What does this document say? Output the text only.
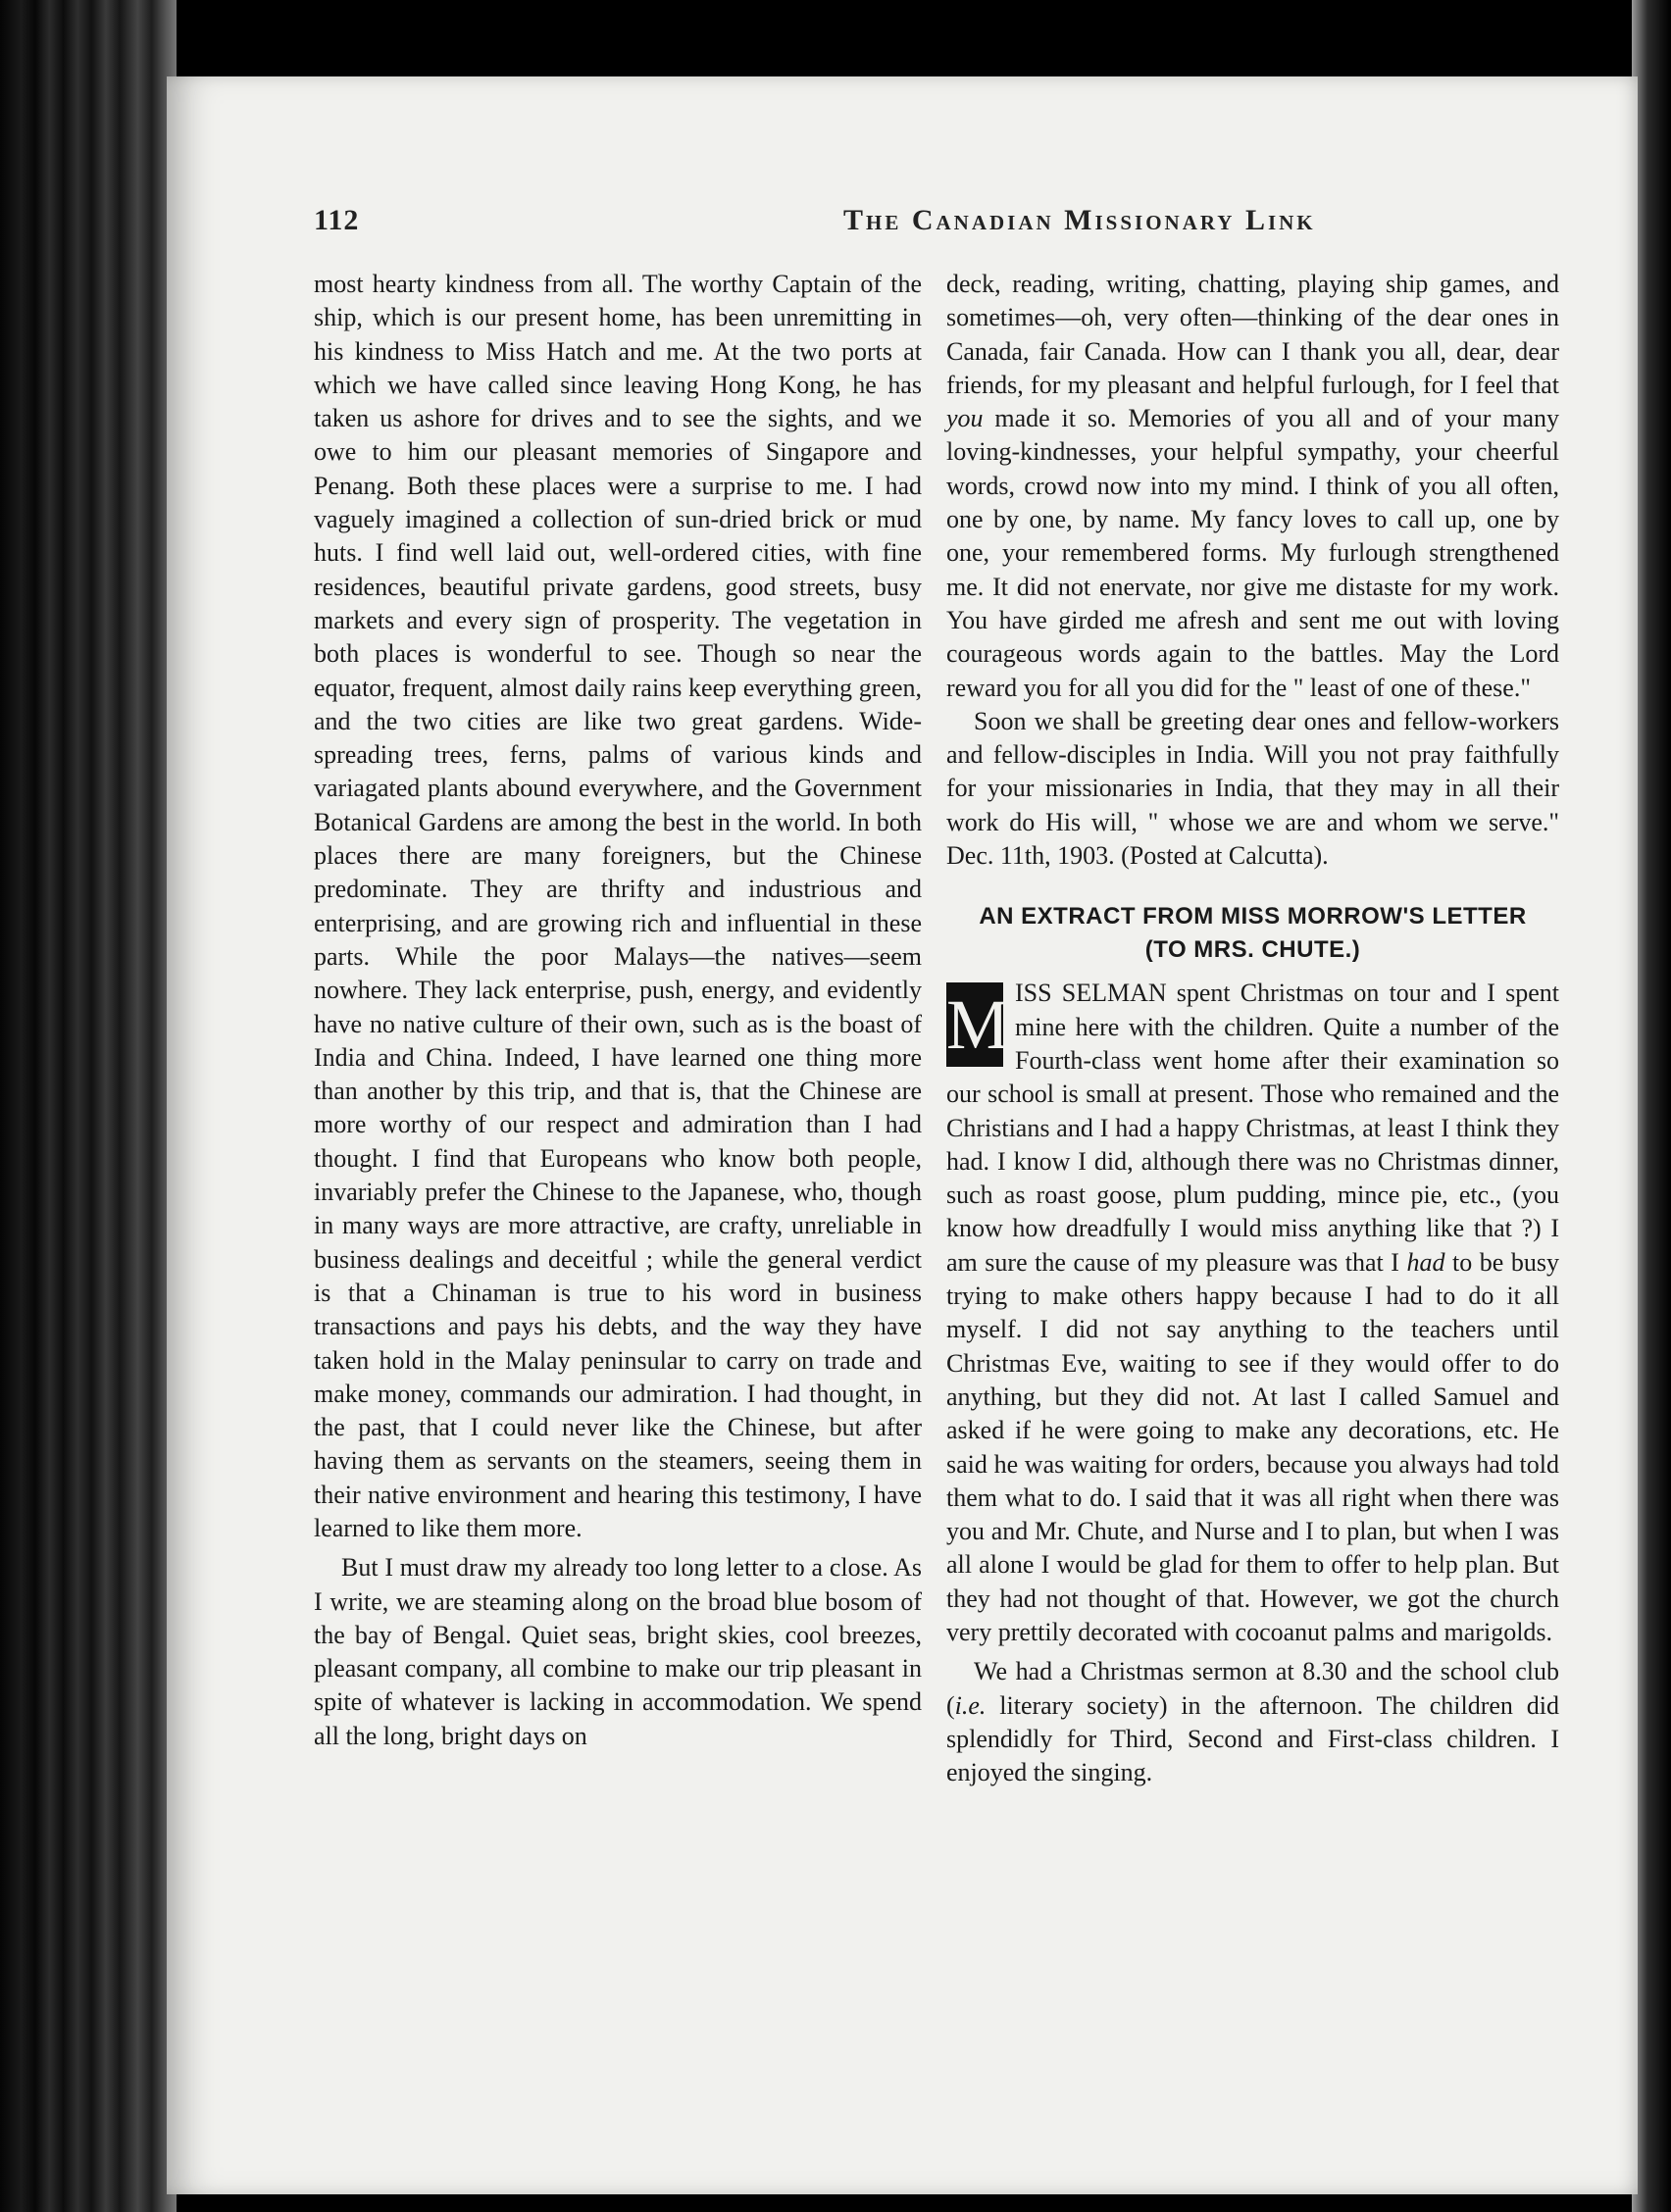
112	The Canadian Missionary Link

most hearty kindness from all. The worthy Captain of the ship, which is our present home, has been unremitting in his kindness to Miss Hatch and me. At the two ports at which we have called since leaving Hong Kong, he has taken us ashore for drives and to see the sights, and we owe to him our pleasant memories of Singapore and Penang. Both these places were a surprise to me. I had vaguely imagined a collection of sun-dried brick or mud huts. I find well laid out, well-ordered cities, with fine residences, beautiful private gardens, good streets, busy markets and every sign of prosperity. The vegetation in both places is wonderful to see. Though so near the equator, frequent, almost daily rains keep everything green, and the two cities are like two great gardens. Wide-spreading trees, ferns, palms of various kinds and variagated plants abound everywhere, and the Government Botanical Gardens are among the best in the world. In both places there are many foreigners, but the Chinese predominate. They are thrifty and industrious and enterprising, and are growing rich and influential in these parts. While the poor Malays—the natives—seem nowhere. They lack enterprise, push, energy, and evidently have no native culture of their own, such as is the boast of India and China. Indeed, I have learned one thing more than another by this trip, and that is, that the Chinese are more worthy of our respect and admiration than I had thought. I find that Europeans who know both people, invariably prefer the Chinese to the Japanese, who, though in many ways are more attractive, are crafty, unreliable in business dealings and deceitful ; while the general verdict is that a Chinaman is true to his word in business transactions and pays his debts, and the way they have taken hold in the Malay peninsular to carry on trade and make money, commands our admiration. I had thought, in the past, that I could never like the Chinese, but after having them as servants on the steamers, seeing them in their native environment and hearing this testimony, I have learned to like them more.

But I must draw my already too long letter to a close. As I write, we are steaming along on the broad blue bosom of the bay of Bengal. Quiet seas, bright skies, cool breezes, pleasant company, all combine to make our trip pleasant in spite of whatever is lacking in accommodation. We spend all the long, bright days on

deck, reading, writing, chatting, playing ship games, and sometimes—oh, very often—thinking of the dear ones in Canada, fair Canada. How can I thank you all, dear, dear friends, for my pleasant and helpful furlough, for I feel that you made it so. Memories of you all and of your many loving-kindnesses, your helpful sympathy, your cheerful words, crowd now into my mind. I think of you all often, one by one, by name. My fancy loves to call up, one by one, your remembered forms. My furlough strengthened me. It did not enervate, nor give me distaste for my work. You have girded me afresh and sent me out with loving courageous words again to the battles. May the Lord reward you for all you did for the " least of one of these."

Soon we shall be greeting dear ones and fellow-workers and fellow-disciples in India. Will you not pray faithfully for your missionaries in India, that they may in all their work do His will, " whose we are and whom we serve." Dec. 11th, 1903. (Posted at Calcutta).

AN EXTRACT FROM MISS MORROW'S LETTER
(TO MRS. CHUTE.)

M ISS SELMAN spent Christmas on tour and I spent mine here with the children. Quite a number of the Fourth-class went home after their examination so our school is small at present. Those who remained and the Christians and I had a happy Christmas, at least I think they had. I know I did, although there was no Christmas dinner, such as roast goose, plum pudding, mince pie, etc., (you know how dreadfully I would miss anything like that ?) I am sure the cause of my pleasure was that I had to be busy trying to make others happy because I had to do it all myself. I did not say anything to the teachers until Christmas Eve, waiting to see if they would offer to do anything, but they did not. At last I called Samuel and asked if he were going to make any decorations, etc. He said he was waiting for orders, because you always had told them what to do. I said that it was all right when there was you and Mr. Chute, and Nurse and I to plan, but when I was all alone I would be glad for them to offer to help plan. But they had not thought of that. However, we got the church very prettily decorated with cocoanut palms and marigolds.

We had a Christmas sermon at 8.30 and the school club (i.e. literary society) in the afternoon. The children did splendidly for Third, Second and First-class children. I enjoyed the singing.
